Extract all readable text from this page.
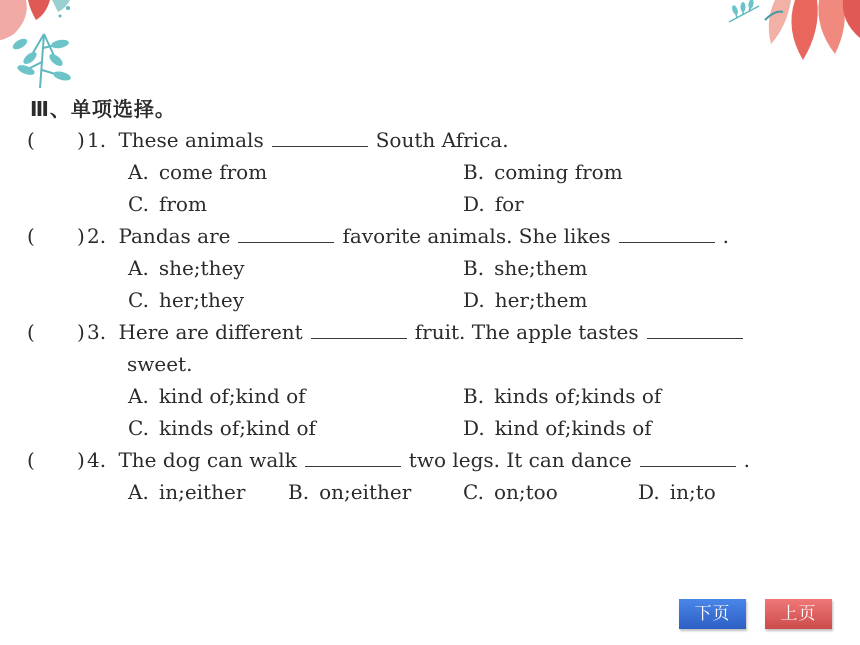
Ⅲ、单项选择。
( ) 1. These animals	South Africa.
A. come from	B. coming from
C. from	D. for
( ) 2. Pandas are	favorite animals. She likes	.
A. she;they	B. she;them
C. her;they	D. her;them
( ) 3. Here are different	fruit. The apple tastes
sweet.
A. kind of;kind of	B. kinds of;kinds of
C. kinds of;kind of	D. kind of;kinds of
( ) 4. The dog can walk	two legs. It can dance	.
A. in;either B. on;either	C. on;too	D. in;to
下页	上页
